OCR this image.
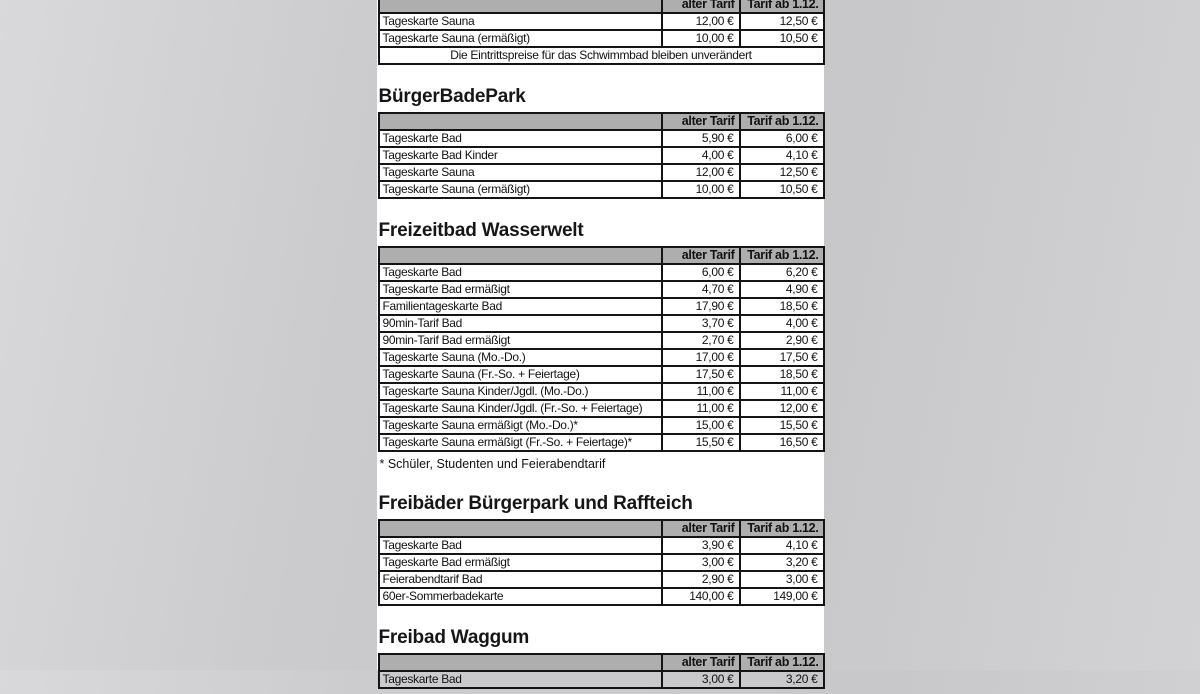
	alter Tarif	Tarif ab 1.12.
Tageskarte Sauna	12,00 €	12,50 €
Tageskarte Sauna (ermäßigt)	10,00 €	10,50 €
Die Eintrittspreise für das Schwimmbad bleiben unverändert		
BürgerBadePark
	alter Tarif	Tarif ab 1.12.
Tageskarte Bad	5,90 €	6,00 €
Tageskarte Bad Kinder	4,00 €	4,10 €
Tageskarte Sauna	12,00 €	12,50 €
Tageskarte Sauna (ermäßigt)	10,00 €	10,50 €
Freizeitbad Wasserwelt
	alter Tarif	Tarif ab 1.12.
Tageskarte Bad	6,00 €	6,20 €
Tageskarte Bad ermäßigt	4,70 €	4,90 €
Familientageskarte Bad	17,90 €	18,50 €
90min-Tarif Bad	3,70 €	4,00 €
90min-Tarif Bad ermäßigt	2,70 €	2,90 €
Tageskarte Sauna (Mo.-Do.)	17,00 €	17,50 €
Tageskarte Sauna (Fr.-So. + Feiertage)	17,50 €	18,50 €
Tageskarte Sauna Kinder/Jgdl. (Mo.-Do.)	11,00 €	11,00 €
Tageskarte Sauna Kinder/Jgdl. (Fr.-So. + Feiertage)	11,00 €	12,00 €
Tageskarte Sauna ermäßigt (Mo.-Do.)*	15,00 €	15,50 €
Tageskarte Sauna ermäßigt (Fr.-So. + Feiertage)*	15,50 €	16,50 €
* Schüler, Studenten und Feierabendtarif
Freibäder Bürgerpark und Raffteich
	alter Tarif	Tarif ab 1.12.
Tageskarte Bad	3,90 €	4,10 €
Tageskarte Bad ermäßigt	3,00 €	3,20 €
Feierabendtarif Bad	2,90 €	3,00 €
60er-Sommerbadekarte	140,00 €	149,00 €
Freibad Waggum
	alter Tarif	Tarif ab 1.12.
Tageskarte Bad	3,00 €	3,20 €
